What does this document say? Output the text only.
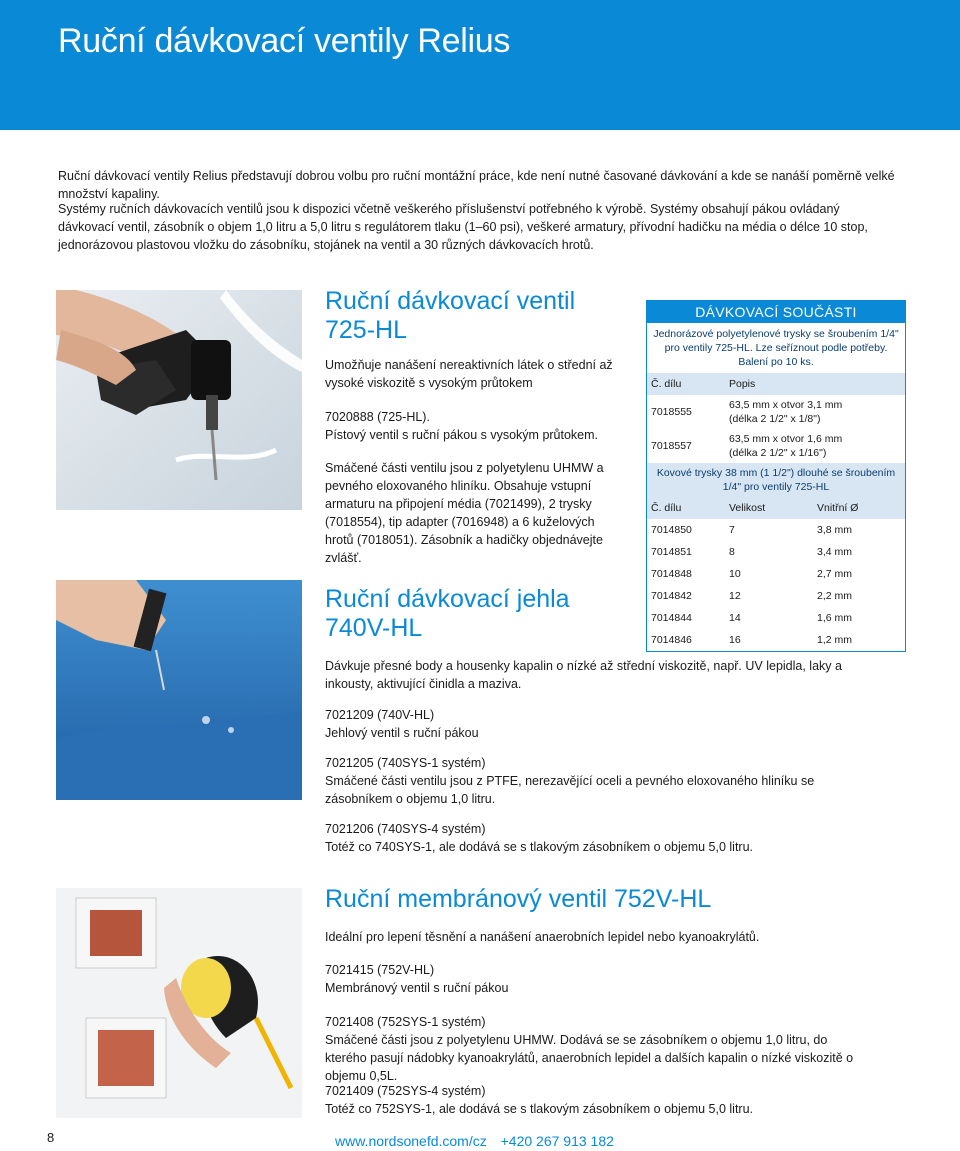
Ruční dávkovací ventily Relius

Ruční dávkovací ventily Relius představují dobrou volbu pro ruční montážní práce, kde není nutné časované dávkování a kde se nanáší poměrně velké množství kapaliny.

Systémy ručních dávkovacích ventilů jsou k dispozici včetně veškerého příslušenství potřebného k výrobě. Systémy obsahují pákou ovládaný dávkovací ventil, zásobník o objem 1,0 litru a 5,0 litru s regulátorem tlaku (1–60 psi), veškeré armatury, přívodní hadičku na média o délce 10 stop, jednorázovou plastovou vložku do zásobníku, stojánek na ventil a 30 různých dávkovacích hrotů.

Ruční dávkovací ventil

725-HL

Umožňuje nanášení nereaktivních látek o střední až vysoké viskozitě s vysokým průtokem

7020888 (725-HL).

Pístový ventil s ruční pákou s vysokým průtokem.

Smáčené části ventilu jsou z polyetylenu UHMW a pevného eloxovaného hliníku. Obsahuje vstupní armaturu na připojení média (7021499), 2 trysky (7018554), tip adapter (7016948) a 6 kuželových hrotů (7018051). Zásobník a hadičky objednávejte zvlášť.

DÁVKOVACÍ SOUČÁSTI
Jednorázové polyetylenové trysky se šroubením 1/4" pro ventily 725-HL. Lze seříznout podle potřeby. Balení po 10 ks.
Č. dílu	Popis
7018555	63,5 mm x otvor 3,1 mm
(délka 2 1/2" x 1/8")

7018557	63,5 mm x otvor 1,6 mm
(délka 2 1/2" x 1/16")
Kovové trysky 38 mm (1 1/2") dlouhé se šroubením 1/4" pro ventily 725-HL
Č. dílu	Velikost	Vnitřní Ø
7014850	7	3,8 mm
7014851	8	3,4 mm
7014848	10	2,7 mm
7014842	12	2,2 mm
7014844	14	1,6 mm
7014846	16	1,2 mm

Ruční dávkovací jehla

740V-HL

Dávkuje přesné body a housenky kapalin o nízké až střední viskozitě, např. UV lepidla, laky a inkousty, aktivující činidla a maziva.

7021209 (740V-HL)

Jehlový ventil s ruční pákou

7021205 (740SYS-1 systém)

Smáčené části ventilu jsou z PTFE, nerezavějící oceli a pevného eloxovaného hliníku se zásobníkem o objemu 1,0 litru.

7021206 (740SYS-4 systém)

Totéž co 740SYS-1, ale dodává se s tlakovým zásobníkem o objemu 5,0 litru.

Ruční membránový ventil 752V-HL

Ideální pro lepení těsnění a nanášení anaerobních lepidel nebo kyanoakrylátů.

7021415 (752V-HL)

Membránový ventil s ruční pákou

7021408 (752SYS-1 systém)

Smáčené části jsou z polyetylenu UHMW. Dodává se se zásobníkem o objemu 1,0 litru, do kterého pasují nádobky kyanoakrylátů, anaerobních lepidel a dalších kapalin o nízké viskozitě o objemu 0,5L.

7021409 (752SYS-4 systém)

Totéž co 752SYS-1, ale dodává se s tlakovým zásobníkem o objemu 5,0 litru.

8	www.nordsonefd.com/cz +420 267 913 182
